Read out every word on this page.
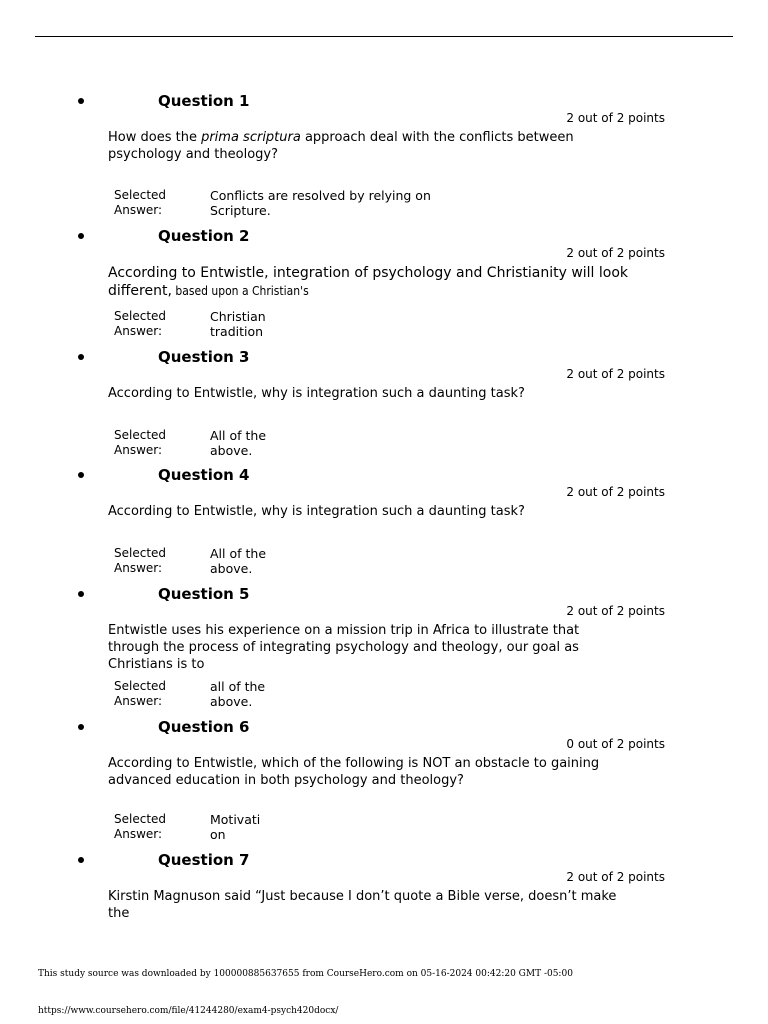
Question 1
2 out of 2 points
How does the prima scriptura approach deal with the conflicts between psychology and theology?
Selected Answer:
Conflicts are resolved by relying on
Scripture.
Question 2
2 out of 2 points
According to Entwistle, integration of psychology and Christianity will look different, based upon a Christian's
Selected Answer:
Christian
tradition
Question 3
2 out of 2 points
According to Entwistle, why is integration such a daunting task?
Selected Answer:
All of the
above.
Question 4
2 out of 2 points
According to Entwistle, why is integration such a daunting task?
Selected Answer:
All of the
above.
Question 5
2 out of 2 points
Entwistle uses his experience on a mission trip in Africa to illustrate that through the process of integrating psychology and theology, our goal as Christians is to
Selected Answer:
all of the
above.
Question 6
0 out of 2 points
According to Entwistle, which of the following is NOT an obstacle to gaining advanced education in both psychology and theology?
Selected Answer:
Motivati
on
Question 7
2 out of 2 points
Kirstin Magnuson said “Just because I don’t quote a Bible verse, doesn’t make the
This study source was downloaded by 100000885637655 from CourseHero.com on 05-16-2024 00:42:20 GMT -05:00
https://www.coursehero.com/file/41244280/exam4-psych420docx/
